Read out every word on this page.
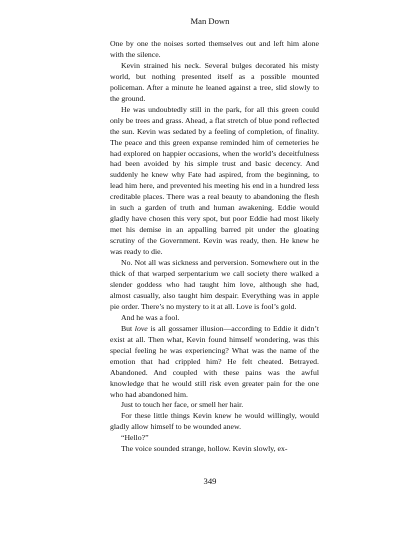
Man Down

One by one the noises sorted themselves out and left him alone with the silence.

Kevin strained his neck. Several bulges decorated his misty world, but nothing presented itself as a possible mounted policeman. After a minute he leaned against a tree, slid slowly to the ground.

He was undoubtedly still in the park, for all this green could only be trees and grass. Ahead, a flat stretch of blue pond reflected the sun. Kevin was sedated by a feeling of completion, of finality. The peace and this green expanse reminded him of cemeteries he had explored on happier occasions, when the world’s deceitfulness had been avoided by his simple trust and basic decency. And suddenly he knew why Fate had aspired, from the beginning, to lead him here, and prevented his meeting his end in a hundred less creditable places. There was a real beauty to abandoning the flesh in such a garden of truth and human awakening. Eddie would gladly have chosen this very spot, but poor Eddie had most likely met his demise in an appalling barred pit under the gloating scrutiny of the Government. Kevin was ready, then. He knew he was ready to die.

No. Not all was sickness and perversion. Somewhere out in the thick of that warped serpentarium we call society there walked a slender goddess who had taught him love, although she had, almost casually, also taught him despair. Everything was in apple pie order. There’s no mystery to it at all. Love is fool’s gold.

And he was a fool.

But love is all gossamer illusion—according to Eddie it didn’t exist at all. Then what, Kevin found himself wondering, was this special feeling he was experiencing? What was the name of the emotion that had crippled him? He felt cheated. Betrayed. Abandoned. And coupled with these pains was the awful knowledge that he would still risk even greater pain for the one who had abandoned him.

Just to touch her face, or smell her hair.

For these little things Kevin knew he would willingly, would gladly allow himself to be wounded anew.

“Hello?”

The voice sounded strange, hollow. Kevin slowly, ex-

349
